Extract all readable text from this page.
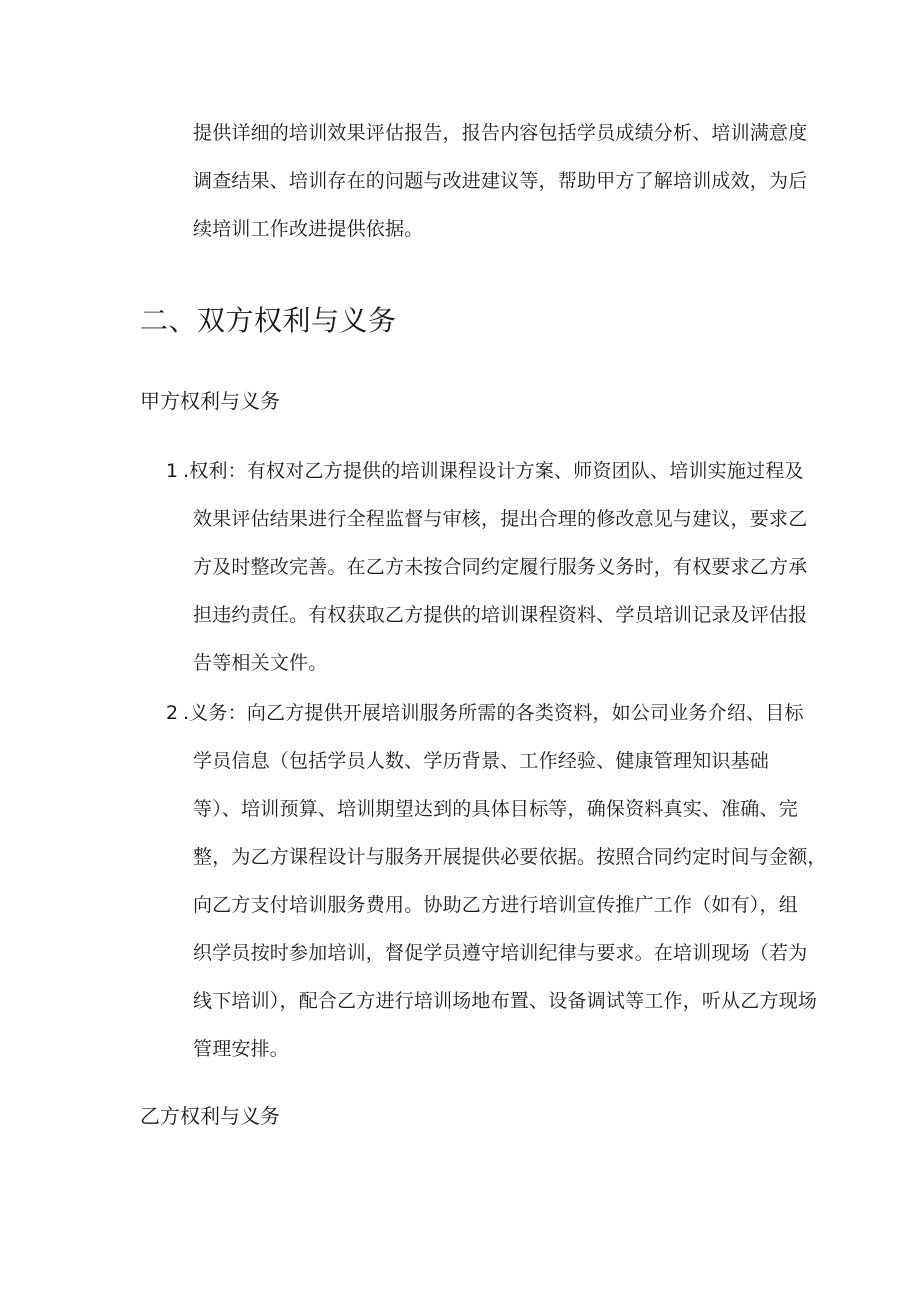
提供详细的培训效果评估报告，报告内容包括学员成绩分析、培训满意度
调查结果、培训存在的问题与改进建议等，帮助甲方了解培训成效，为后
续培训工作改进提供依据。
二、双方权利与义务
甲方权利与义务
1 .权利：有权对乙方提供的培训课程设计方案、师资团队、培训实施过程及
效果评估结果进行全程监督与审核，提出合理的修改意见与建议，要求乙
方及时整改完善。在乙方未按合同约定履行服务义务时，有权要求乙方承
担违约责任。有权获取乙方提供的培训课程资料、学员培训记录及评估报
告等相关文件。
2 .义务：向乙方提供开展培训服务所需的各类资料，如公司业务介绍、目标
学员信息（包括学员人数、学历背景、工作经验、健康管理知识基础
等）、培训预算、培训期望达到的具体目标等，确保资料真实、准确、完
整，为乙方课程设计与服务开展提供必要依据。按照合同约定时间与金额，
向乙方支付培训服务费用。协助乙方进行培训宣传推广工作（如有），组
织学员按时参加培训，督促学员遵守培训纪律与要求。在培训现场（若为
线下培训），配合乙方进行培训场地布置、设备调试等工作，听从乙方现场
管理安排。
乙方权利与义务
